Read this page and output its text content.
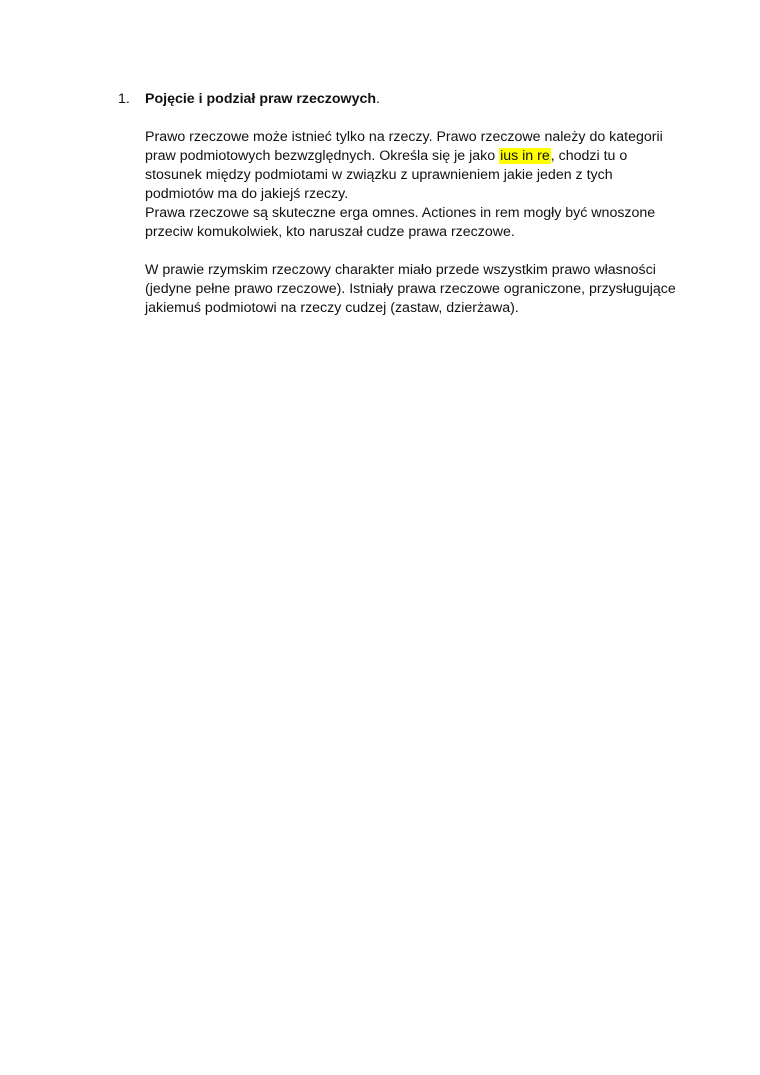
1.	Pojęcie i podział praw rzeczowych.
Prawo rzeczowe może istnieć tylko na rzeczy. Prawo rzeczowe należy do kategorii
praw podmiotowych bezwzględnych. Określa się je jako ius in re, chodzi tu o
stosunek między podmiotami w związku z uprawnieniem jakie jeden z tych
podmiotów ma do jakiejś rzeczy.
Prawa rzeczowe są skuteczne erga omnes. Actiones in rem mogły być wnoszone
przeciw komukolwiek, kto naruszał cudze prawa rzeczowe.
W prawie rzymskim rzeczowy charakter miało przede wszystkim prawo własności
(jedyne pełne prawo rzeczowe). Istniały prawa rzeczowe ograniczone, przysługujące
jakiemuś podmiotowi na rzeczy cudzej (zastaw, dzierżawa).
